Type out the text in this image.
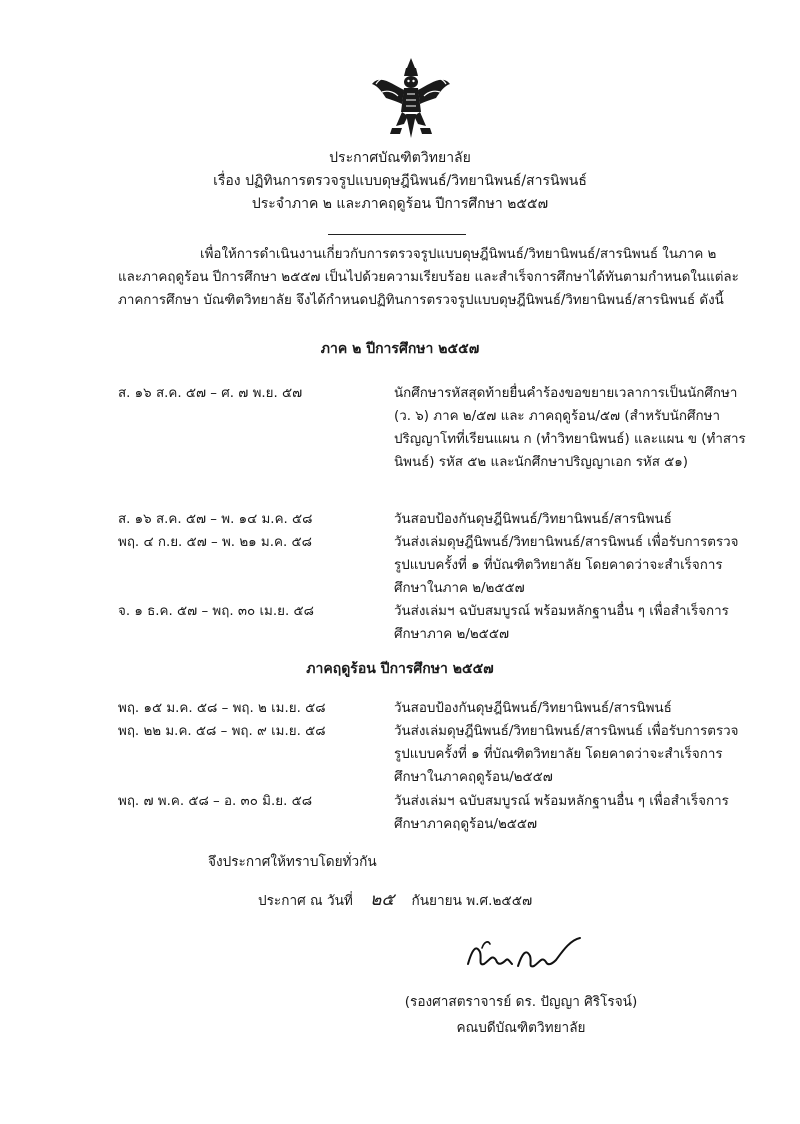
ประกาศบัณฑิตวิทยาลัย
เรื่อง ปฏิทินการตรวจรูปแบบดุษฎีนิพนธ์/วิทยานิพนธ์/สารนิพนธ์
ประจำภาค ๒ และภาคฤดูร้อน ปีการศึกษา ๒๕๕๗

เพื่อให้การดำเนินงานเกี่ยวกับการตรวจรูปแบบดุษฎีนิพนธ์/วิทยานิพนธ์/สารนิพนธ์ ในภาค ๒ และภาคฤดูร้อน ปีการศึกษา ๒๕๕๗ เป็นไปด้วยความเรียบร้อย และสำเร็จการศึกษาได้ทันตามกำหนดในแต่ละภาคการศึกษา บัณฑิตวิทยาลัย จึงได้กำหนดปฏิทินการตรวจรูปแบบดุษฎีนิพนธ์/วิทยานิพนธ์/สารนิพนธ์ ดังนี้

ภาค ๒ ปีการศึกษา ๒๕๕๗
ส. ๑๖ ส.ค. ๕๗ – ศ. ๗ พ.ย. ๕๗	นักศึกษารหัสสุดท้ายยื่นคำร้องขอขยายเวลาการเป็นนักศึกษา (ว. ๖) ภาค ๒/๕๗ และ ภาคฤดูร้อน/๕๗ (สำหรับนักศึกษาปริญญาโทที่เรียนแผน ก (ทำวิทยานิพนธ์) และแผน ข (ทำสารนิพนธ์) รหัส ๕๒ และนักศึกษาปริญญาเอก รหัส ๕๑)
ส. ๑๖ ส.ค. ๕๗ – พ. ๑๔ ม.ค. ๕๘	วันสอบป้องกันดุษฎีนิพนธ์/วิทยานิพนธ์/สารนิพนธ์
พฤ. ๔ ก.ย. ๕๗ – พ. ๒๑ ม.ค. ๕๘	วันส่งเล่มดุษฎีนิพนธ์/วิทยานิพนธ์/สารนิพนธ์ เพื่อรับการตรวจรูปแบบครั้งที่ ๑ ที่บัณฑิตวิทยาลัย โดยคาดว่าจะสำเร็จการศึกษาในภาค ๒/๒๕๕๗
จ. ๑ ธ.ค. ๕๗ – พฤ. ๓๐ เม.ย. ๕๘	วันส่งเล่มฯ ฉบับสมบูรณ์ พร้อมหลักฐานอื่น ๆ เพื่อสำเร็จการศึกษาภาค ๒/๒๕๕๗
ภาคฤดูร้อน ปีการศึกษา ๒๕๕๗
พฤ. ๑๕ ม.ค. ๕๘ – พฤ. ๒ เม.ย. ๕๘	วันสอบป้องกันดุษฎีนิพนธ์/วิทยานิพนธ์/สารนิพนธ์
พฤ. ๒๒ ม.ค. ๕๘ – พฤ. ๙ เม.ย. ๕๘	วันส่งเล่มดุษฎีนิพนธ์/วิทยานิพนธ์/สารนิพนธ์ เพื่อรับการตรวจรูปแบบครั้งที่ ๑ ที่บัณฑิตวิทยาลัย โดยคาดว่าจะสำเร็จการศึกษาในภาคฤดูร้อน/๒๕๕๗
พฤ. ๗ พ.ค. ๕๘ – อ. ๓๐ มิ.ย. ๕๘	วันส่งเล่มฯ ฉบับสมบูรณ์ พร้อมหลักฐานอื่น ๆ เพื่อสำเร็จการศึกษาภาคฤดูร้อน/๒๕๕๗
จึงประกาศให้ทราบโดยทั่วกัน
ประกาศ ณ วันที่ ๒๕ กันยายน พ.ศ.๒๕๕๗
(รองศาสตราจารย์ ดร. ปัญญา ศิริโรจน์)
คณบดีบัณฑิตวิทยาลัย
